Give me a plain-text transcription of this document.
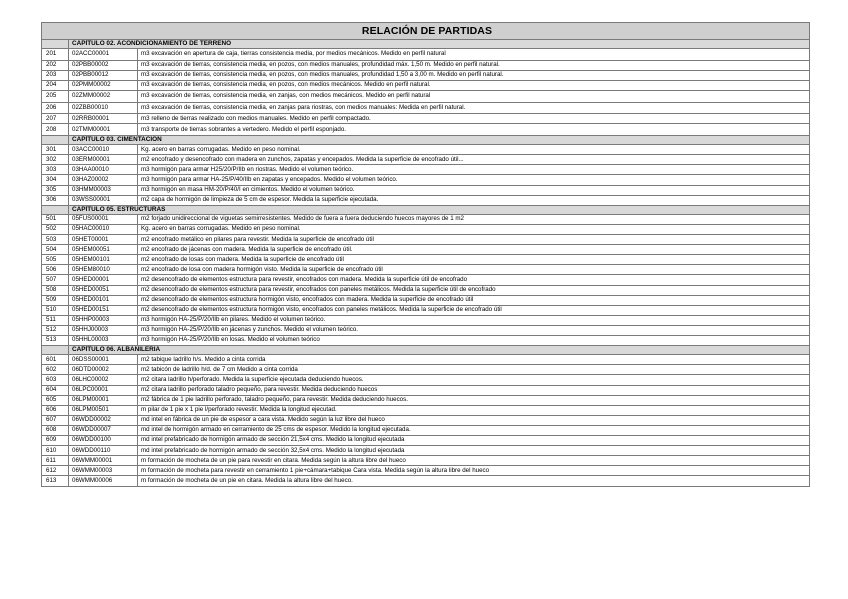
RELACIÓN DE PARTIDAS		
	CAPÍTULO 02. ACONDICIONAMIENTO DE TERRENO	
201	02ACC00001	m3 excavación en apertura de caja, tierras consistencia media, por medios mecánicos. Medido en perfil natural
202	02PBB00002	m3 excavación de tierras, consistencia media, en pozos, con medios manuales, profundidad máx. 1,50 m. Medido en perfil natural.
203	02PBB00012	m3 excavación de tierras, consistencia media, en pozos, con medios manuales, profundidad 1,50 a 3,00 m. Medido en perfil natural.
204	02PMM00002	m3 excavación de tierras, consistencia media, en pozos, con medios mecánicos. Medido en perfil natural.
205	02ZMM00002	m3 excavación de tierras, consistencia media, en zanjas, con medios mecánicos. Medido en perfil natural
206	02ZBB00010	m3 excavación de tierras, consistencia media, en zanjas para riostras, con medios manuales: Medida en perfil natural.
207	02RRB00001	m3 relleno de tierras realizado con medios manuales. Medido en perfil compactado.
208	02TMM00001	m3 transporte de tierras sobrantes a vertedero. Medido el perfil esponjado.
	CAPÍTULO 03. CIMENTACIÓN	
301	03ACC00010	Kg. acero en barras corrugadas. Medido en peso nominal.
302	03ERM00001	m2 encofrado y desencofrado con madera en zunchos, zapatas y encepados. Medida la superficie de encofrado útil...
303	03HAA00010	m3 hormigón para armar H25/20/P/IIb en riostras. Medido el volumen teórico.
304	03HAZ00002	m3 hormigón para armar HA-25/P/40/IIb en zapatas y encepados. Medido el volumen teórico.
305	03HMM00003	m3 hormigón en masa HM-20/P/40/I en cimientos. Medido el volumen teórico.
306	03WSS00001	m2 capa de hormigón de limpieza de 5 cm de espesor. Medida la superficie ejecutada.
	CAPÍTULO 05. ESTRUCTURAS	
501	05FUS00001	m2 forjado unidireccional de viguetas semirresistentes. Medido de fuera a fuera deduciendo huecos mayores de 1 m2
502	05HAC00010	Kg. acero en barras corrugadas. Medido en peso nominal.
503	05HET00001	m2 encofrado metálico en pilares para revestir. Medida la superficie de encofrado útil
504	05HEM00051	m2 encofrado de jácenas con madera. Medida la superficie de encofrado útil.
505	05HEM00101	m2 encofrado de losas con madera. Medida la superficie de encofrado útil
506	05HEM80010	m2 encofrado de losa con madera hormigón visto. Medida la superficie de encofrado útil
507	05HED00001	m2 desencofrado de elementos estructura para revestir, encofrados con madera. Medida la superficie útil de encofrado
508	05HED00051	m2 desencofrado de elementos estructura para revestir, encofrados con paneles metálicos. Medida la superficie útil de encofrado
509	05HED00101	m2 desencofrado de elementos estructura hormigón visto, encofrados con madera. Medida la superficie de encofrado útil
510	05HED00151	m2 desencofrado de elementos estructura hormigón visto, encofrados con paneles metálicos. Medida la superficie de encofrado útil
511	05HHP00003	m3 hormigón HA-25/P/20/IIb en pilares. Medido el volumen teórico.
512	05HHJ00003	m3 hormigón HA-25/P/20/IIb en jácenas y zunchos. Medido el volumen teórico.
513	05HHL00003	m3 hormigón HA-25/P/20/IIb en losas. Medido el volumen teórico
	CAPÍTULO 06. ALBAÑILERIA	
601	06DSS00001	m2 tabique ladrillo h/s. Medido a cinta corrida
602	06DTD00002	m2 tabicón de ladrillo h/d. de 7 cm Medido a cinta corrida
603	06LHC00002	m2 citara ladrillo h/perforado. Medida la superficie ejecutada deduciendo huecos.
604	06LPC00001	m2 citara ladrillo perforado taladro pequeño, para revestir. Medida deduciendo huecos
605	06LPM00001	m2 fábrica de 1 pie ladrillo perforado, taladro pequeño, para revestir. Medida deduciendo huecos.
606	06LPM00501	m pilar de 1 pie x 1 pie l/perforado revestir. Medida la longitud ejecutad.
607	06WDD00002	md intel en fábrica de un pie de espesor a cara vista. Medido según la luz libre del hueco
608	06WDD00007	md intel de hormigón armado en cerramiento de 25 cms de espesor. Medido la longitud ejecutada.
609	06WDD00100	md intel prefabricado de hormigón armado de sección 21,5x4 cms. Medido la longitud ejecutada
610	06WDD00110	md intel prefabricado de hormigón armado de sección 32,5x4 cms. Medido la longitud ejecutada
611	06WMM00001	m formación de mocheta de un pie para revestir en citara. Medida según la altura libre del hueco
612	06WMM00003	m formación de mocheta para revestir en cerramiento 1 pie+cámara+tabique Cara vista. Medida según la altura libre del hueco
613	06WMM00006	m formación de mocheta de un pie en citara. Medida la altura libre del hueco.
